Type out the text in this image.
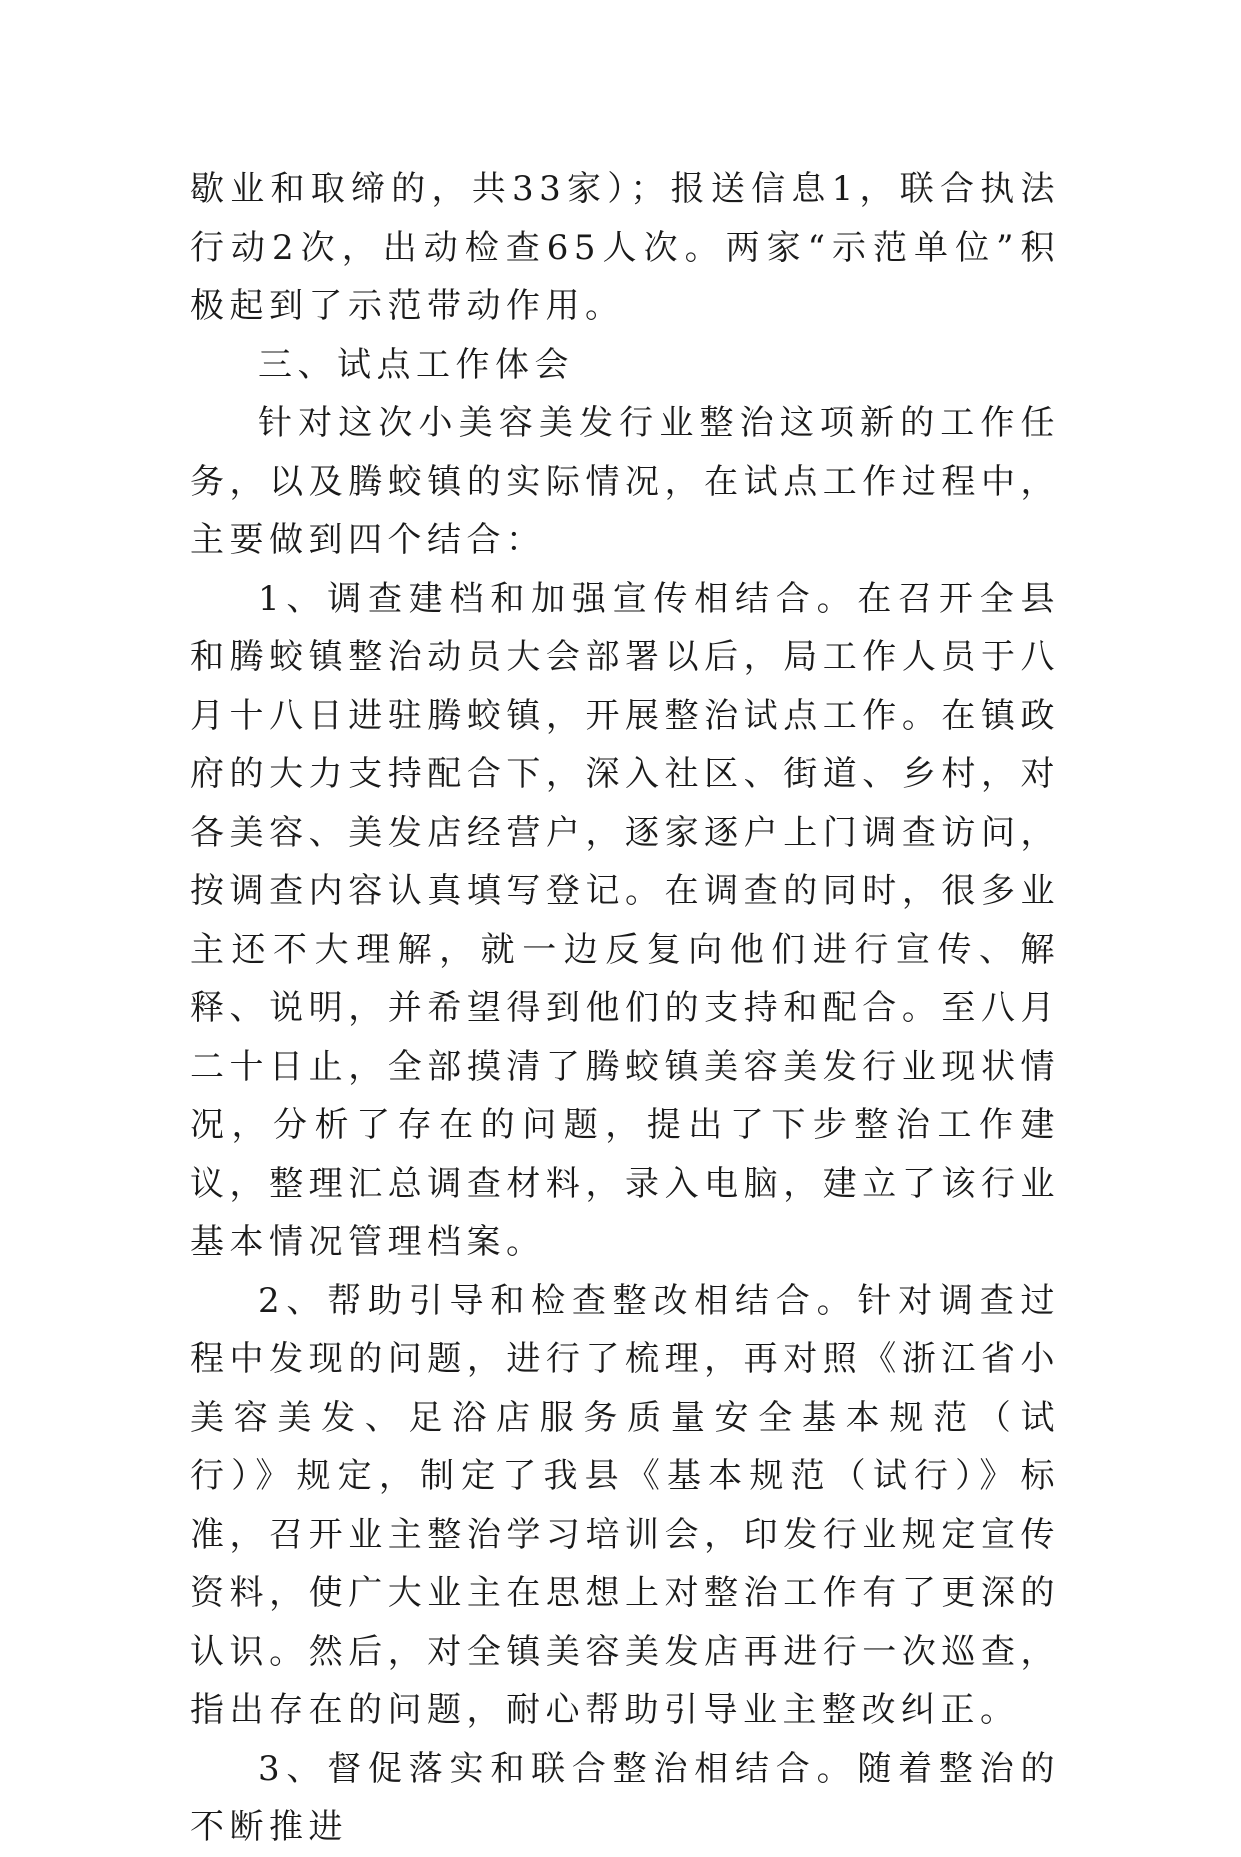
歇业和取缔的，共33家）；报送信息1，联合执法行动2次，出动检查65人次。两家“示范单位”积极起到了示范带动作用。

三、试点工作体会

针对这次小美容美发行业整治这项新的工作任务，以及腾蛟镇的实际情况，在试点工作过程中，主要做到四个结合：

1、调查建档和加强宣传相结合。在召开全县和腾蛟镇整治动员大会部署以后，局工作人员于八月十八日进驻腾蛟镇，开展整治试点工作。在镇政府的大力支持配合下，深入社区、街道、乡村，对各美容、美发店经营户，逐家逐户上门调查访问，按调查内容认真填写登记。在调查的同时，很多业主还不大理解，就一边反复向他们进行宣传、解释、说明，并希望得到他们的支持和配合。至八月二十日止，全部摸清了腾蛟镇美容美发行业现状情况，分析了存在的问题，提出了下步整治工作建议，整理汇总调查材料，录入电脑，建立了该行业基本情况管理档案。

2、帮助引导和检查整改相结合。针对调查过程中发现的问题，进行了梳理，再对照《浙江省小美容美发、足浴店服务质量安全基本规范（试行）》规定，制定了我县《基本规范（试行）》标准，召开业主整治学习培训会，印发行业规定宣传资料，使广大业主在思想上对整治工作有了更深的认识。然后，对全镇美容美发店再进行一次巡查，指出存在的问题，耐心帮助引导业主整改纠正。

3、督促落实和联合整治相结合。随着整治的不断推进
